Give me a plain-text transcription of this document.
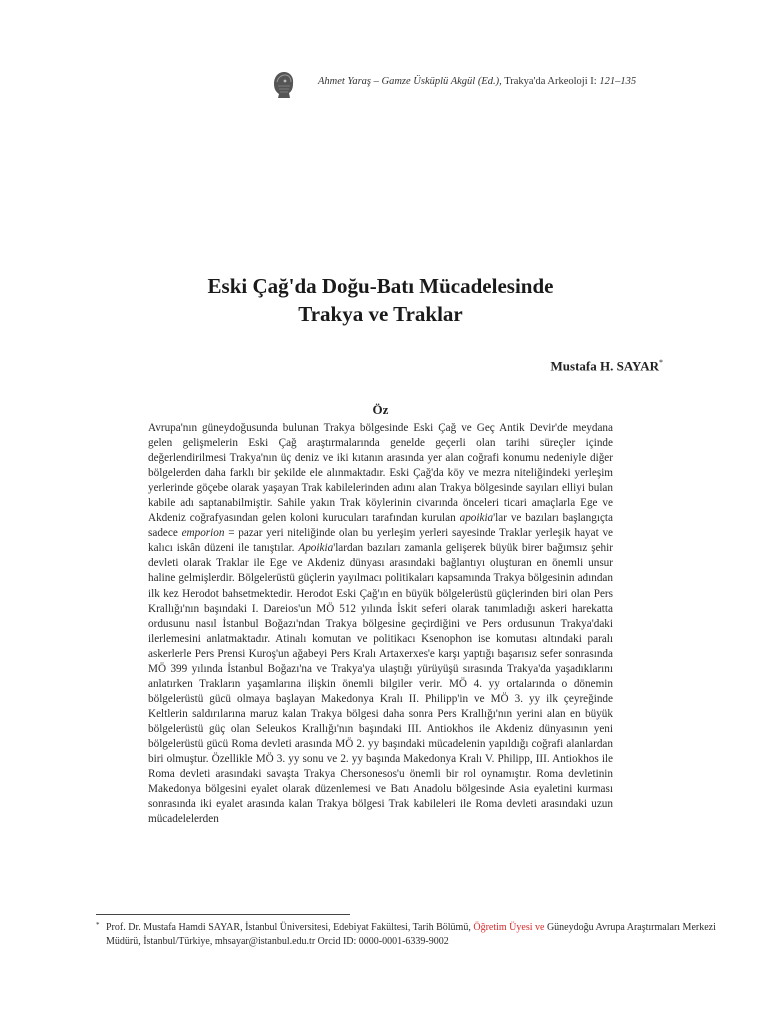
Ahmet Yaraş – Gamze Üsküplü Akgül (Ed.), Trakya'da Arkeoloji I: 121–135
Eski Çağ'da Doğu-Batı Mücadelesinde
Trakya ve Traklar
Mustafa H. SAYAR*
Öz

Avrupa'nın güneydoğusunda bulunan Trakya bölgesinde Eski Çağ ve Geç Antik Devir'de meydana gelen gelişmelerin Eski Çağ araştırmalarında genelde geçerli olan tarihi süreçler içinde değerlendirilmesi Trakya'nın üç deniz ve iki kıtanın arasında yer alan coğrafi konumu nedeniyle diğer bölgelerden daha farklı bir şekilde ele alınmaktadır. Eski Çağ'da köy ve mezra niteliğindeki yerleşim yerlerinde göçebe olarak yaşayan Trak kabilelerinden adını alan Trakya bölgesinde sayıları elliyi bulan kabile adı saptanabilmiştir. Sahile yakın Trak köylerinin civarında önceleri ticari amaçlarla Ege ve Akdeniz coğrafyasından gelen koloni kurucuları tarafından kurulan apoikia'lar ve bazıları başlangıçta sadece emporion = pazar yeri niteliğinde olan bu yerleşim yerleri sayesinde Traklar yerleşik hayat ve kalıcı iskân düzeni ile tanıştılar. Apoikia'lardan bazıları zamanla gelişerek büyük birer bağımsız şehir devleti olarak Traklar ile Ege ve Akdeniz dünyası arasındaki bağlantıyı oluşturan en önemli unsur haline gelmişlerdir. Bölgelerüstü güçlerin yayılmacı politikaları kapsamında Trakya bölgesinin adından ilk kez Herodot bahsetmektedir. Herodot Eski Çağ'ın en büyük bölgelerüstü güçlerinden biri olan Pers Krallığı'nın başındaki I. Dareios'un MÖ 512 yılında İskit seferi olarak tanımladığı askeri harekatta ordusunu nasıl İstanbul Boğazı'ndan Trakya bölgesine geçirdiğini ve Pers ordusunun Trakya'daki ilerlemesini anlatmaktadır. Atinalı komutan ve politikacı Ksenophon ise komutası altındaki paralı askerlerle Pers Prensi Kuroş'un ağabeyi Pers Kralı Artaxerxes'e karşı yaptığı başarısız sefer sonrasında MÖ 399 yılında İstanbul Boğazı'na ve Trakya'ya ulaştığı yürüyüşü sırasında Trakya'da yaşadıklarını anlatırken Trakların yaşamlarına ilişkin önemli bilgiler verir. MÖ 4. yy ortalarında o dönemin bölgelerüstü gücü olmaya başlayan Makedonya Kralı II. Philipp'in ve MÖ 3. yy ilk çeyreğinde Keltlerin saldırılarına maruz kalan Trakya bölgesi daha sonra Pers Krallığı'nın yerini alan en büyük bölgelerüstü güç olan Seleukos Krallığı'nın başındaki III. Antiokhos ile Akdeniz dünyasının yeni bölgelerüstü gücü Roma devleti arasında MÖ 2. yy başındaki mücadelenin yapıldığı coğrafi alanlardan biri olmuştur. Özellikle MÖ 3. yy sonu ve 2. yy başında Makedonya Kralı V. Philipp, III. Antiokhos ile Roma devleti arasındaki savaşta Trakya Chersonesos'u önemli bir rol oynamıştır. Roma devletinin Makedonya bölgesini eyalet olarak düzenlemesi ve Batı Anadolu bölgesinde Asia eyaletini kurması sonrasında iki eyalet arasında kalan Trakya bölgesi Trak kabileleri ile Roma devleti arasındaki uzun mücadelelerden

* Prof. Dr. Mustafa Hamdi SAYAR, İstanbul Üniversitesi, Edebiyat Fakültesi, Tarih Bölümü, Öğretim Üyesi ve Güneydoğu Avrupa Araştırmaları Merkezi Müdürü, İstanbul/Türkiye, mhsayar@istanbul.edu.tr Orcid ID: 0000-0001-6339-9002
